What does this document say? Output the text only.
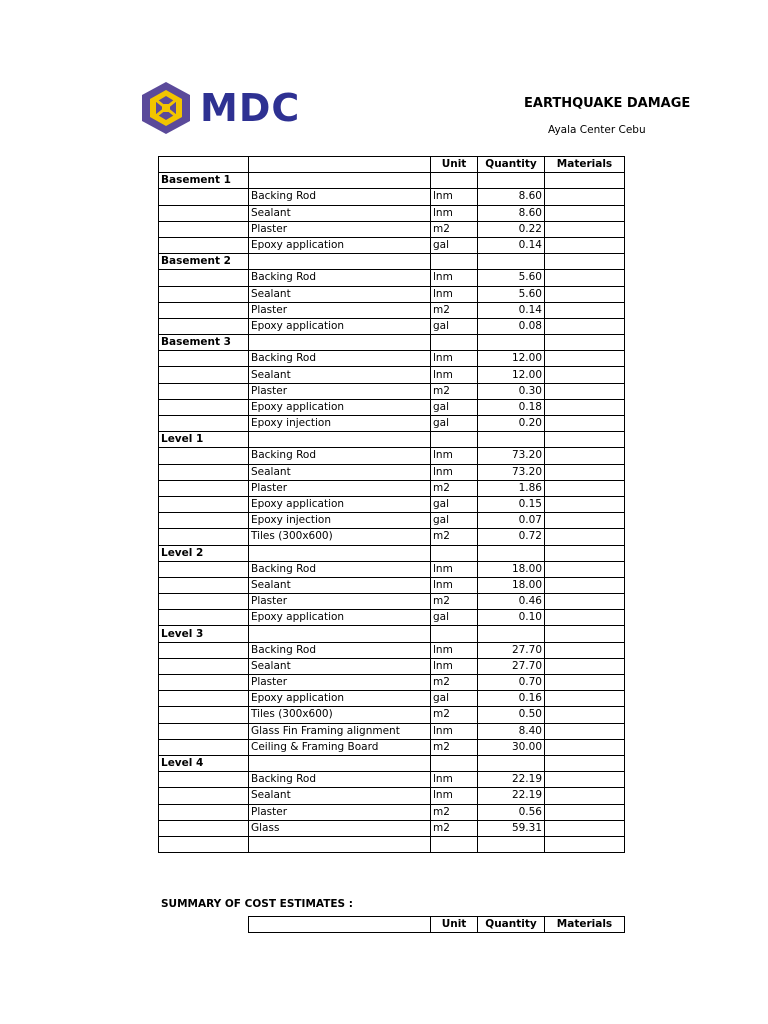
MDC	EARTHQUAKE DAMAGE
Ayala Center Cebu
		Unit	Quantity	Materials
Basement 1				
	Backing Rod	lnm	8.60	
	Sealant	lnm	8.60	
	Plaster	m2	0.22	
	Epoxy application	gal	0.14	
Basement 2				
	Backing Rod	lnm	5.60	
	Sealant	lnm	5.60	
	Plaster	m2	0.14	
	Epoxy application	gal	0.08	
Basement 3				
	Backing Rod	lnm	12.00	
	Sealant	lnm	12.00	
	Plaster	m2	0.30	
	Epoxy application	gal	0.18	
	Epoxy injection	gal	0.20	
Level 1				
	Backing Rod	lnm	73.20	
	Sealant	lnm	73.20	
	Plaster	m2	1.86	
	Epoxy application	gal	0.15	
	Epoxy injection	gal	0.07	
	Tiles (300x600)	m2	0.72	
Level 2				
	Backing Rod	lnm	18.00	
	Sealant	lnm	18.00	
	Plaster	m2	0.46	
	Epoxy application	gal	0.10	
Level 3				
	Backing Rod	lnm	27.70	
	Sealant	lnm	27.70	
	Plaster	m2	0.70	
	Epoxy application	gal	0.16	
	Tiles (300x600)	m2	0.50	
	Glass Fin Framing alignment	lnm	8.40	
	Ceiling & Framing Board	m2	30.00	
Level 4				
	Backing Rod	lnm	22.19	
	Sealant	lnm	22.19	
	Plaster	m2	0.56	
	Glass	m2	59.31	

SUMMARY OF COST ESTIMATES :
	Unit	Quantity	Materials
